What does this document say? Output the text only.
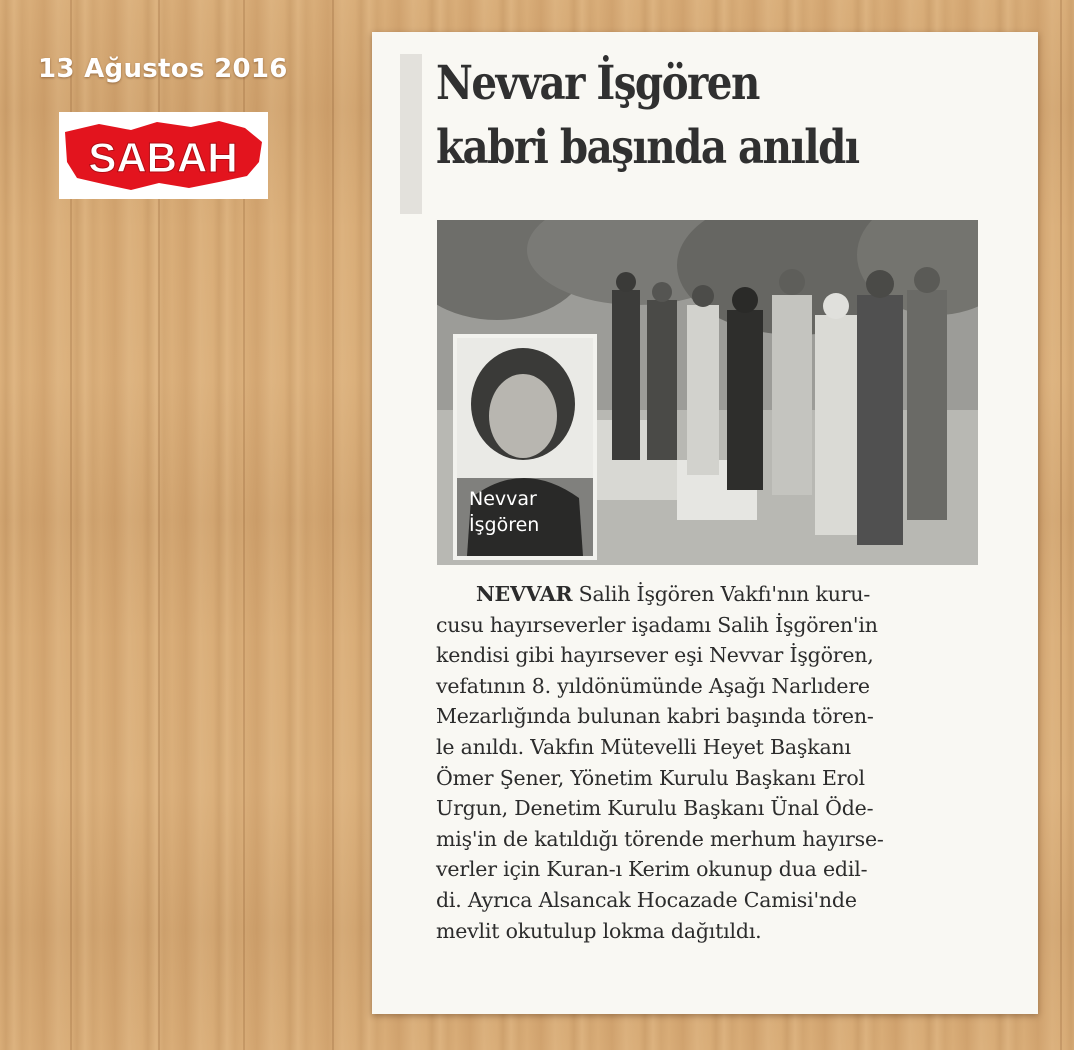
13 Ağustos 2016
SABAH
Nevvar İşgören
kabri başında anıldı
Nevvar
İşgören
NEVVAR Salih İşgören Vakfı'nın kuru-
cusu hayırseverler işadamı Salih İşgören'in
kendisi gibi hayırsever eşi Nevvar İşgören,
vefatının 8. yıldönümünde Aşağı Narlıdere
Mezarlığında bulunan kabri başında tören-
le anıldı. Vakfın Mütevelli Heyet Başkanı
Ömer Şener, Yönetim Kurulu Başkanı Erol
Urgun, Denetim Kurulu Başkanı Ünal Öde-
miş'in de katıldığı törende merhum hayırse-
verler için Kuran-ı Kerim okunup dua edil-
di. Ayrıca Alsancak Hocazade Camisi'nde
mevlit okutulup lokma dağıtıldı.
